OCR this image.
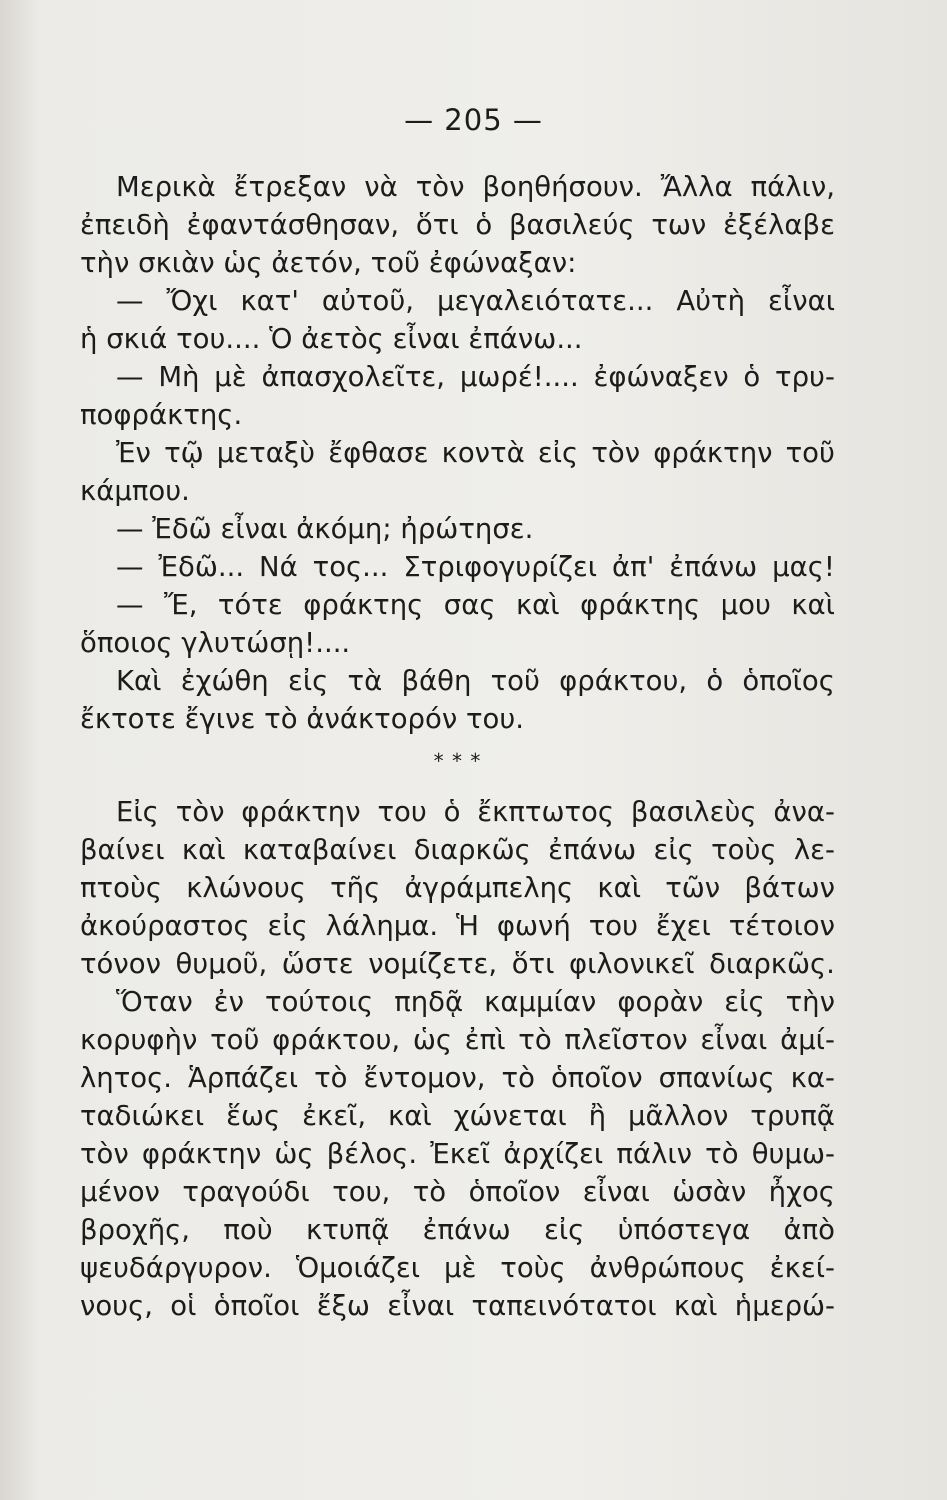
— 205 —
Μερικὰ ἔτρεξαν νὰ τὸν βοηθήσουν. Ἄλλα πάλιν,
ἐπειδὴ ἐφαντάσθησαν, ὅτι ὁ βασιλεύς των ἐξέλαβε
τὴν σκιὰν ὡς ἀετόν, τοῦ ἐφώναξαν:
— Ὄχι κατ' αὐτοῦ, μεγαλειότατε... Αὐτὴ εἶναι
ἡ σκιά του.... Ὁ ἀετὸς εἶναι ἐπάνω...
— Μὴ μὲ ἀπασχολεῖτε, μωρέ!.... ἐφώναξεν ὁ τρυ-
ποφράκτης.
Ἐν τῷ μεταξὺ ἔφθασε κοντὰ εἰς τὸν φράκτην τοῦ
κάμπου.
— Ἐδῶ εἶναι ἀκόμη; ἠρώτησε.
— Ἐδῶ... Νά τος... Στριφογυρίζει ἀπ' ἐπάνω μας!
— Ἔ, τότε φράκτης σας καὶ φράκτης μου καὶ
ὅποιος γλυτώσῃ!....
Καὶ ἐχώθη εἰς τὰ βάθη τοῦ φράκτου, ὁ ὁποῖος
ἔκτοτε ἔγινε τὸ ἀνάκτορόν του.
* * *
Εἰς τὸν φράκτην του ὁ ἔκπτωτος βασιλεὺς ἀνα-
βαίνει καὶ καταβαίνει διαρκῶς ἐπάνω εἰς τοὺς λε-
πτοὺς κλώνους τῆς ἀγράμπελης καὶ τῶν βάτων
ἀκούραστος εἰς λάλημα. Ἡ φωνή του ἔχει τέτοιον
τόνον θυμοῦ, ὥστε νομίζετε, ὅτι φιλονικεῖ διαρκῶς.
Ὅταν ἐν τούτοις πηδᾷ καμμίαν φορὰν εἰς τὴν
κορυφὴν τοῦ φράκτου, ὡς ἐπὶ τὸ πλεῖστον εἶναι ἀμί-
λητος. Ἁρπάζει τὸ ἔντομον, τὸ ὁποῖον σπανίως κα-
ταδιώκει ἕως ἐκεῖ, καὶ χώνεται ἢ μᾶλλον τρυπᾷ
τὸν φράκτην ὡς βέλος. Ἐκεῖ ἀρχίζει πάλιν τὸ θυμω-
μένον τραγούδι του, τὸ ὁποῖον εἶναι ὡσὰν ἦχος
βροχῆς, ποὺ κτυπᾷ ἐπάνω εἰς ὑπόστεγα ἀπὸ
ψευδάργυρον. Ὁμοιάζει μὲ τοὺς ἀνθρώπους ἐκεί-
νους, οἱ ὁποῖοι ἔξω εἶναι ταπεινότατοι καὶ ἡμερώ-
